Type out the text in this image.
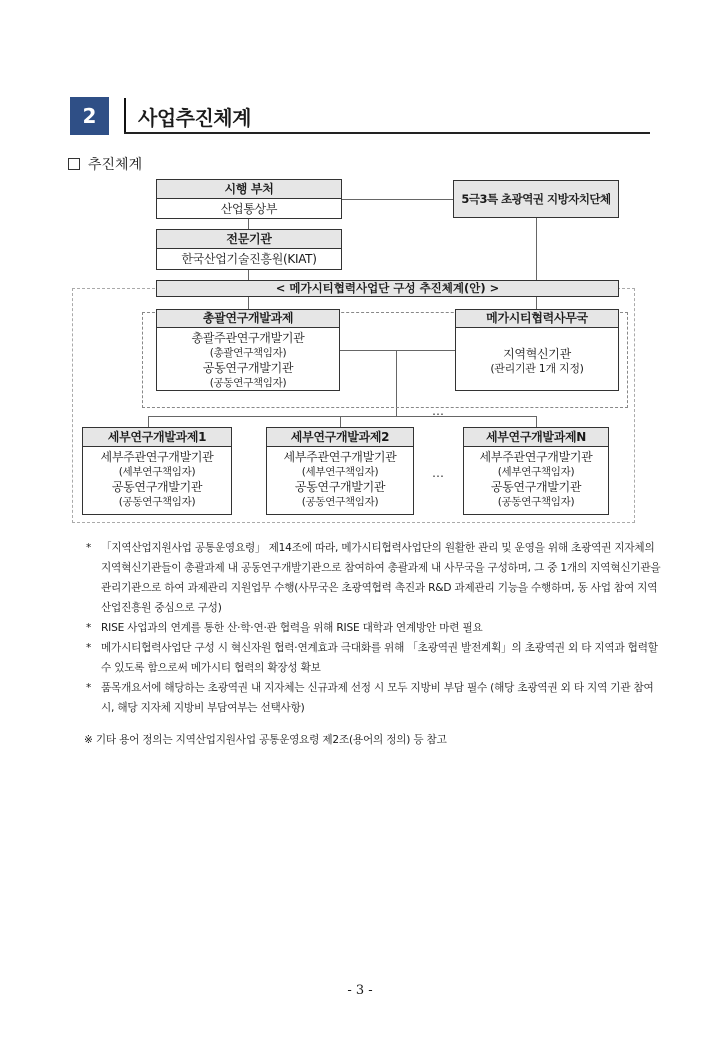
2	사업추진체계
추진체계
시행 부처
산업통상부
5극3특 초광역권 지방자치단체
전문기관
한국산업기술진흥원(KIAT)
< 메가시티협력사업단 구성 추진체계(안) >
총괄연구개발과제
총괄주관연구개발기관
(총괄연구책임자)
공동연구개발기관
(공동연구책임자)
메가시티협력사무국
지역혁신기관
(관리기관 1개 지정)
…
세부연구개발과제1
세부주관연구개발기관
(세부연구책임자)
공동연구개발기관
(공동연구책임자)
세부연구개발과제2
세부주관연구개발기관
(세부연구책임자)
공동연구개발기관
(공동연구책임자)
…
세부연구개발과제N
세부주관연구개발기관
(세부연구책임자)
공동연구개발기관
(공동연구책임자)
* 「지역산업지원사업 공통운영요령」 제14조에 따라, 메가시티협력사업단의 원활한 관리 및 운영을 위해 초광역권 지자체의 지역혁신기관들이 총괄과제 내 공동연구개발기관으로 참여하여 총괄과제 내 사무국을 구성하며, 그 중 1개의 지역혁신기관을 관리기관으로 하여 과제관리 지원업무 수행(사무국은 초광역협력 촉진과 R&D 과제관리 기능을 수행하며, 동 사업 참여 지역산업진흥원 중심으로 구성)
* RISE 사업과의 연계를 통한 산·학·연·관 협력을 위해 RISE 대학과 연계방안 마련 필요
* 메가시티협력사업단 구성 시 혁신자원 협력·연계효과 극대화를 위해 「초광역권 발전계획」의 초광역권 외 타 지역과 협력할 수 있도록 함으로써 메가시티 협력의 확장성 확보
* 품목개요서에 해당하는 초광역권 내 지자체는 신규과제 선정 시 모두 지방비 부담 필수 (해당 초광역권 외 타 지역 기관 참여 시, 해당 지자체 지방비 부담여부는 선택사항)
※ 기타 용어 정의는 지역산업지원사업 공통운영요령 제2조(용어의 정의) 등 참고
- 3 -
